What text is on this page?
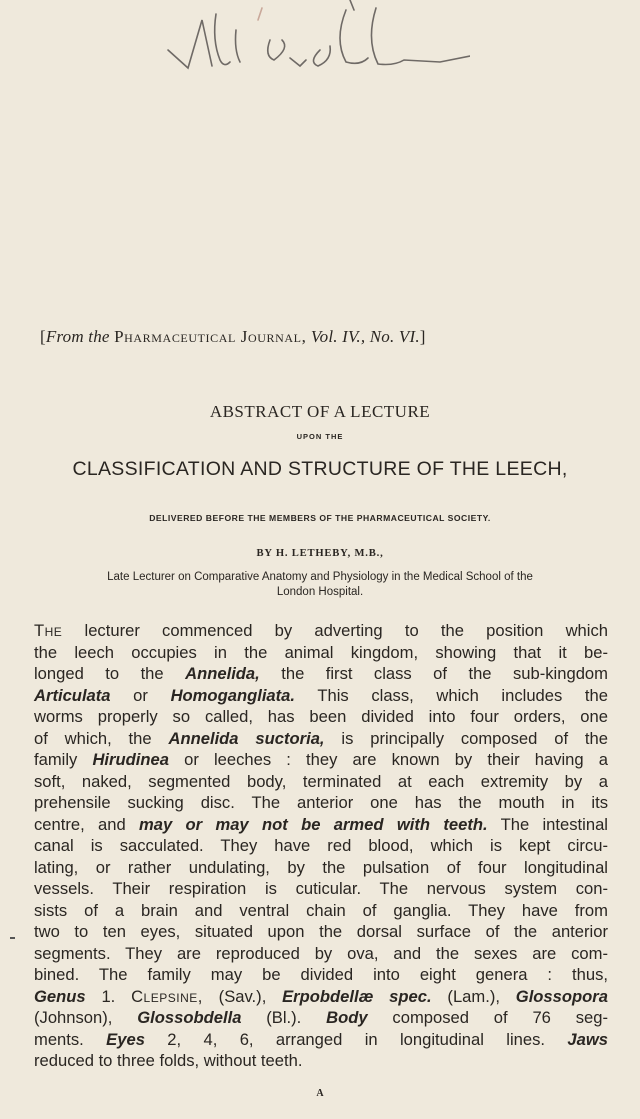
[From the Pharmaceutical Journal, Vol. IV., No. VI.]
ABSTRACT OF A LECTURE
UPON THE
CLASSIFICATION AND STRUCTURE OF THE LEECH,
DELIVERED BEFORE THE MEMBERS OF THE PHARMACEUTICAL SOCIETY.
BY H. LETHEBY, M.B.,
Late Lecturer on Comparative Anatomy and Physiology in the Medical School of the
London Hospital.
The lecturer commenced by adverting to the position which
the leech occupies in the animal kingdom, showing that it be-
longed to the Annelida, the first class of the sub-kingdom
Articulata or Homogangliata. This class, which includes the
worms properly so called, has been divided into four orders, one
of which, the Annelida suctoria, is principally composed of the
family Hirudinea or leeches : they are known by their having a
soft, naked, segmented body, terminated at each extremity by a
prehensile sucking disc. The anterior one has the mouth in its
centre, and may or may not be armed with teeth. The intestinal
canal is sacculated. They have red blood, which is kept circu-
lating, or rather undulating, by the pulsation of four longitudinal
vessels. Their respiration is cuticular. The nervous system con-
sists of a brain and ventral chain of ganglia. They have from
two to ten eyes, situated upon the dorsal surface of the anterior
segments. They are reproduced by ova, and the sexes are com-
bined. The family may be divided into eight genera : thus,
Genus 1. Clepsine, (Sav.), Erpobdellæ spec. (Lam.), Glossopora
(Johnson), Glossobdella (Bl.). Body composed of 76 seg-
ments. Eyes 2, 4, 6, arranged in longitudinal lines. Jaws
reduced to three folds, without teeth.
A
